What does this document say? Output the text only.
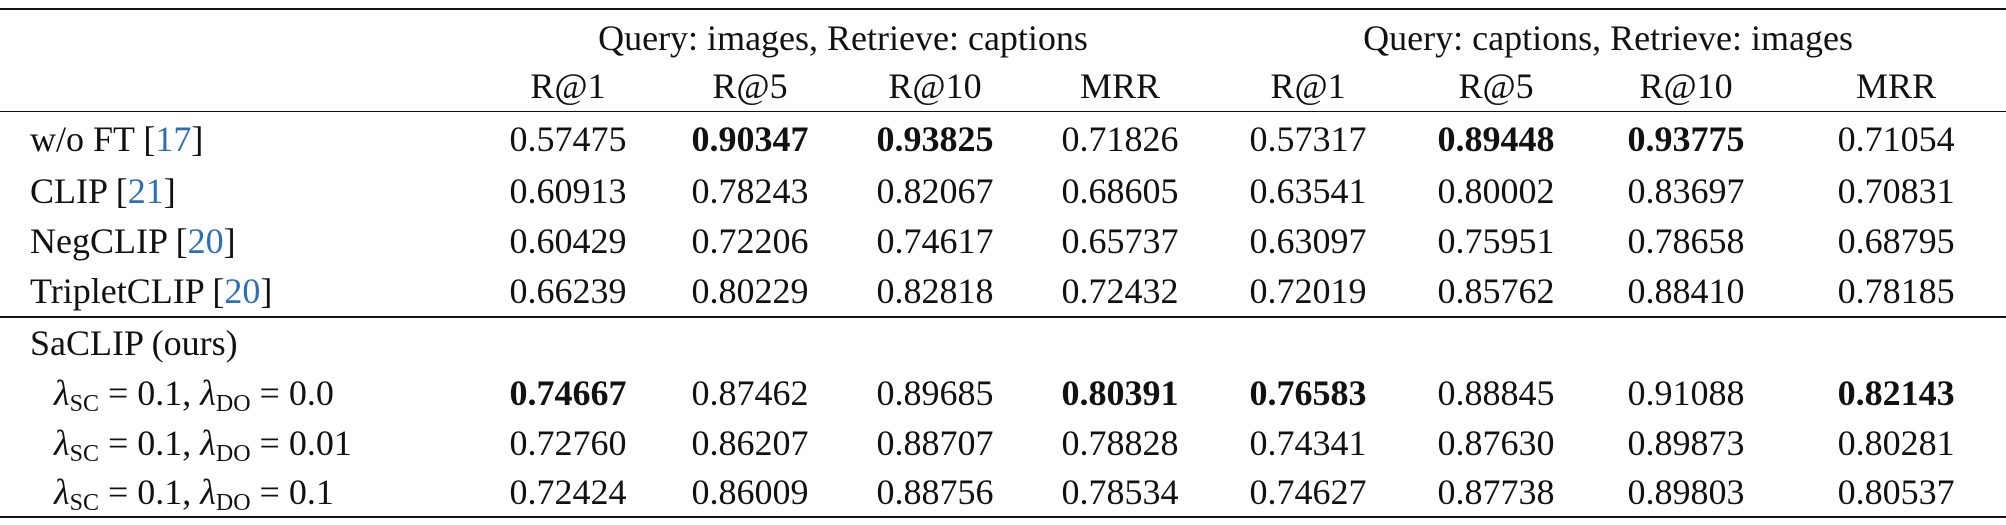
	Query: images, Retrieve: captions				Query: captions, Retrieve: images			
	R@1	R@5	R@10	MRR	R@1	R@5	R@10	MRR
w/o FT [17]	0.57475	0.90347	0.93825	0.71826	0.57317	0.89448	0.93775	0.71054
CLIP [21]	0.60913	0.78243	0.82067	0.68605	0.63541	0.80002	0.83697	0.70831
NegCLIP [20]	0.60429	0.72206	0.74617	0.65737	0.63097	0.75951	0.78658	0.68795
TripletCLIP [20]	0.66239	0.80229	0.82818	0.72432	0.72019	0.85762	0.88410	0.78185
SaCLIP (ours)								
$\lambda_{SC} = 0.1$, $\lambda_{DO} = 0.0$	0.74667	0.87462	0.89685	0.80391	0.76583	0.88845	0.91088	0.82143
$\lambda_{SC} = 0.1$, $\lambda_{DO} = 0.01$	0.72760	0.86207	0.88707	0.78828	0.74341	0.87630	0.89873	0.80281
$\lambda_{SC} = 0.1$, $\lambda_{DO} = 0.1$	0.72424	0.86009	0.88756	0.78534	0.74627	0.87738	0.89803	0.80537
